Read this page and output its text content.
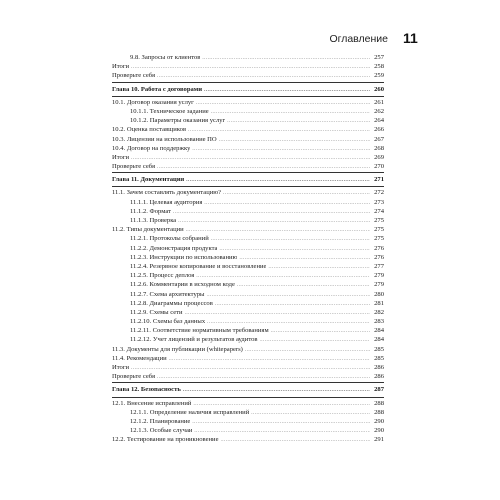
Оглавление 11
9.8. Запросы от клиентов .....	257
Итоги .....	258
Проверьте себя .....	259
Глава 10. Работа с договорами .....	260
10.1. Договор оказания услуг .....	261
10.1.1. Техническое задание .....	262
10.1.2. Параметры оказания услуг .....	264
10.2. Оценка поставщиков .....	266
10.3. Лицензии на использование ПО .....	267
10.4. Договор на поддержку .....	268
Итоги .....	269
Проверьте себя .....	270
Глава 11. Документация .....	271
11.1. Зачем составлять документацию? .....	272
11.1.1. Целевая аудитория .....	273
11.1.2. Формат .....	274
11.1.3. Проверка .....	275
11.2. Типы документации .....	275
11.2.1. Протоколы собраний .....	275
11.2.2. Демонстрация продукта .....	276
11.2.3. Инструкции по использованию .....	276
11.2.4. Резервное копирование и восстановление .....	277
11.2.5. Процесс деплоя .....	279
11.2.6. Комментарии в исходном коде .....	279
11.2.7. Схема архитектуры .....	280
11.2.8. Диаграммы процессов .....	281
11.2.9. Схемы сети .....	282
11.2.10. Схемы баз данных .....	283
11.2.11. Соответствие нормативным требованиям .....	284
11.2.12. Учет лицензий и результатов аудитов .....	284
11.3. Документы для публикации (whitepapers) .....	285
11.4. Рекомендации .....	285
Итоги .....	286
Проверьте себя .....	286
Глава 12. Безопасность .....	287
12.1. Внесение исправлений .....	288
12.1.1. Определение наличия исправлений .....	288
12.1.2. Планирование .....	290
12.1.3. Особые случаи .....	290
12.2. Тестирование на проникновение .....	291
